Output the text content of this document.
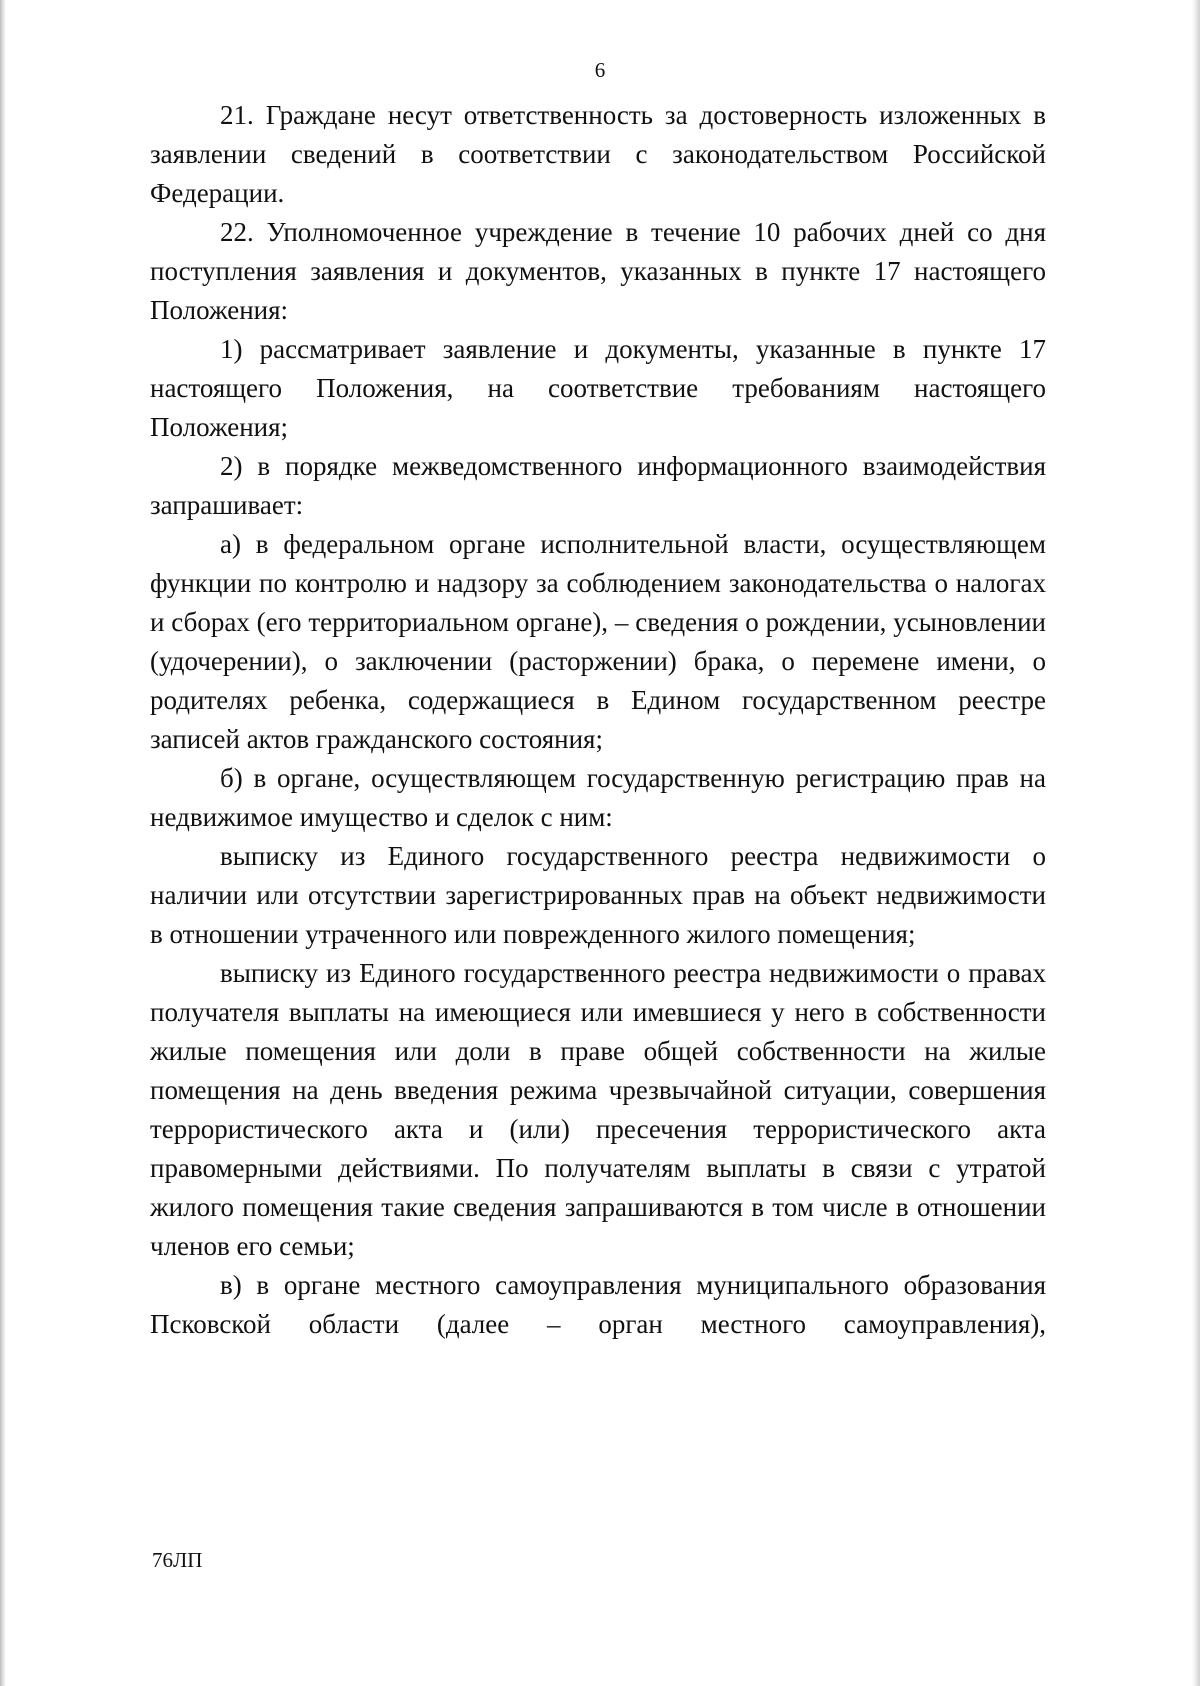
6

21. Граждане несут ответственность за достоверность изложенных в заявлении сведений в соответствии с законодательством Российской Федерации.

22. Уполномоченное учреждение в течение 10 рабочих дней со дня поступления заявления и документов, указанных в пункте 17 настоящего Положения:

1) рассматривает заявление и документы, указанные в пункте 17 настоящего Положения, на соответствие требованиям настоящего Положения;

2) в порядке межведомственного информационного взаимодействия запрашивает:

а) в федеральном органе исполнительной власти, осуществляющем функции по контролю и надзору за соблюдением законодательства о налогах и сборах (его территориальном органе), – сведения о рождении, усыновлении (удочерении), о заключении (расторжении) брака, о перемене имени, о родителях ребенка, содержащиеся в Едином государственном реестре записей актов гражданского состояния;

б) в органе, осуществляющем государственную регистрацию прав на недвижимое имущество и сделок с ним:

выписку из Единого государственного реестра недвижимости о наличии или отсутствии зарегистрированных прав на объект недвижимости в отношении утраченного или поврежденного жилого помещения;

выписку из Единого государственного реестра недвижимости о правах получателя выплаты на имеющиеся или имевшиеся у него в собственности жилые помещения или доли в праве общей собственности на жилые помещения на день введения режима чрезвычайной ситуации, совершения террористического акта и (или) пресечения террористического акта правомерными действиями. По получателям выплаты в связи с утратой жилого помещения такие сведения запрашиваются в том числе в отношении членов его семьи;

в) в органе местного самоуправления муниципального образования Псковской области (далее – орган местного самоуправления),

76ЛП
